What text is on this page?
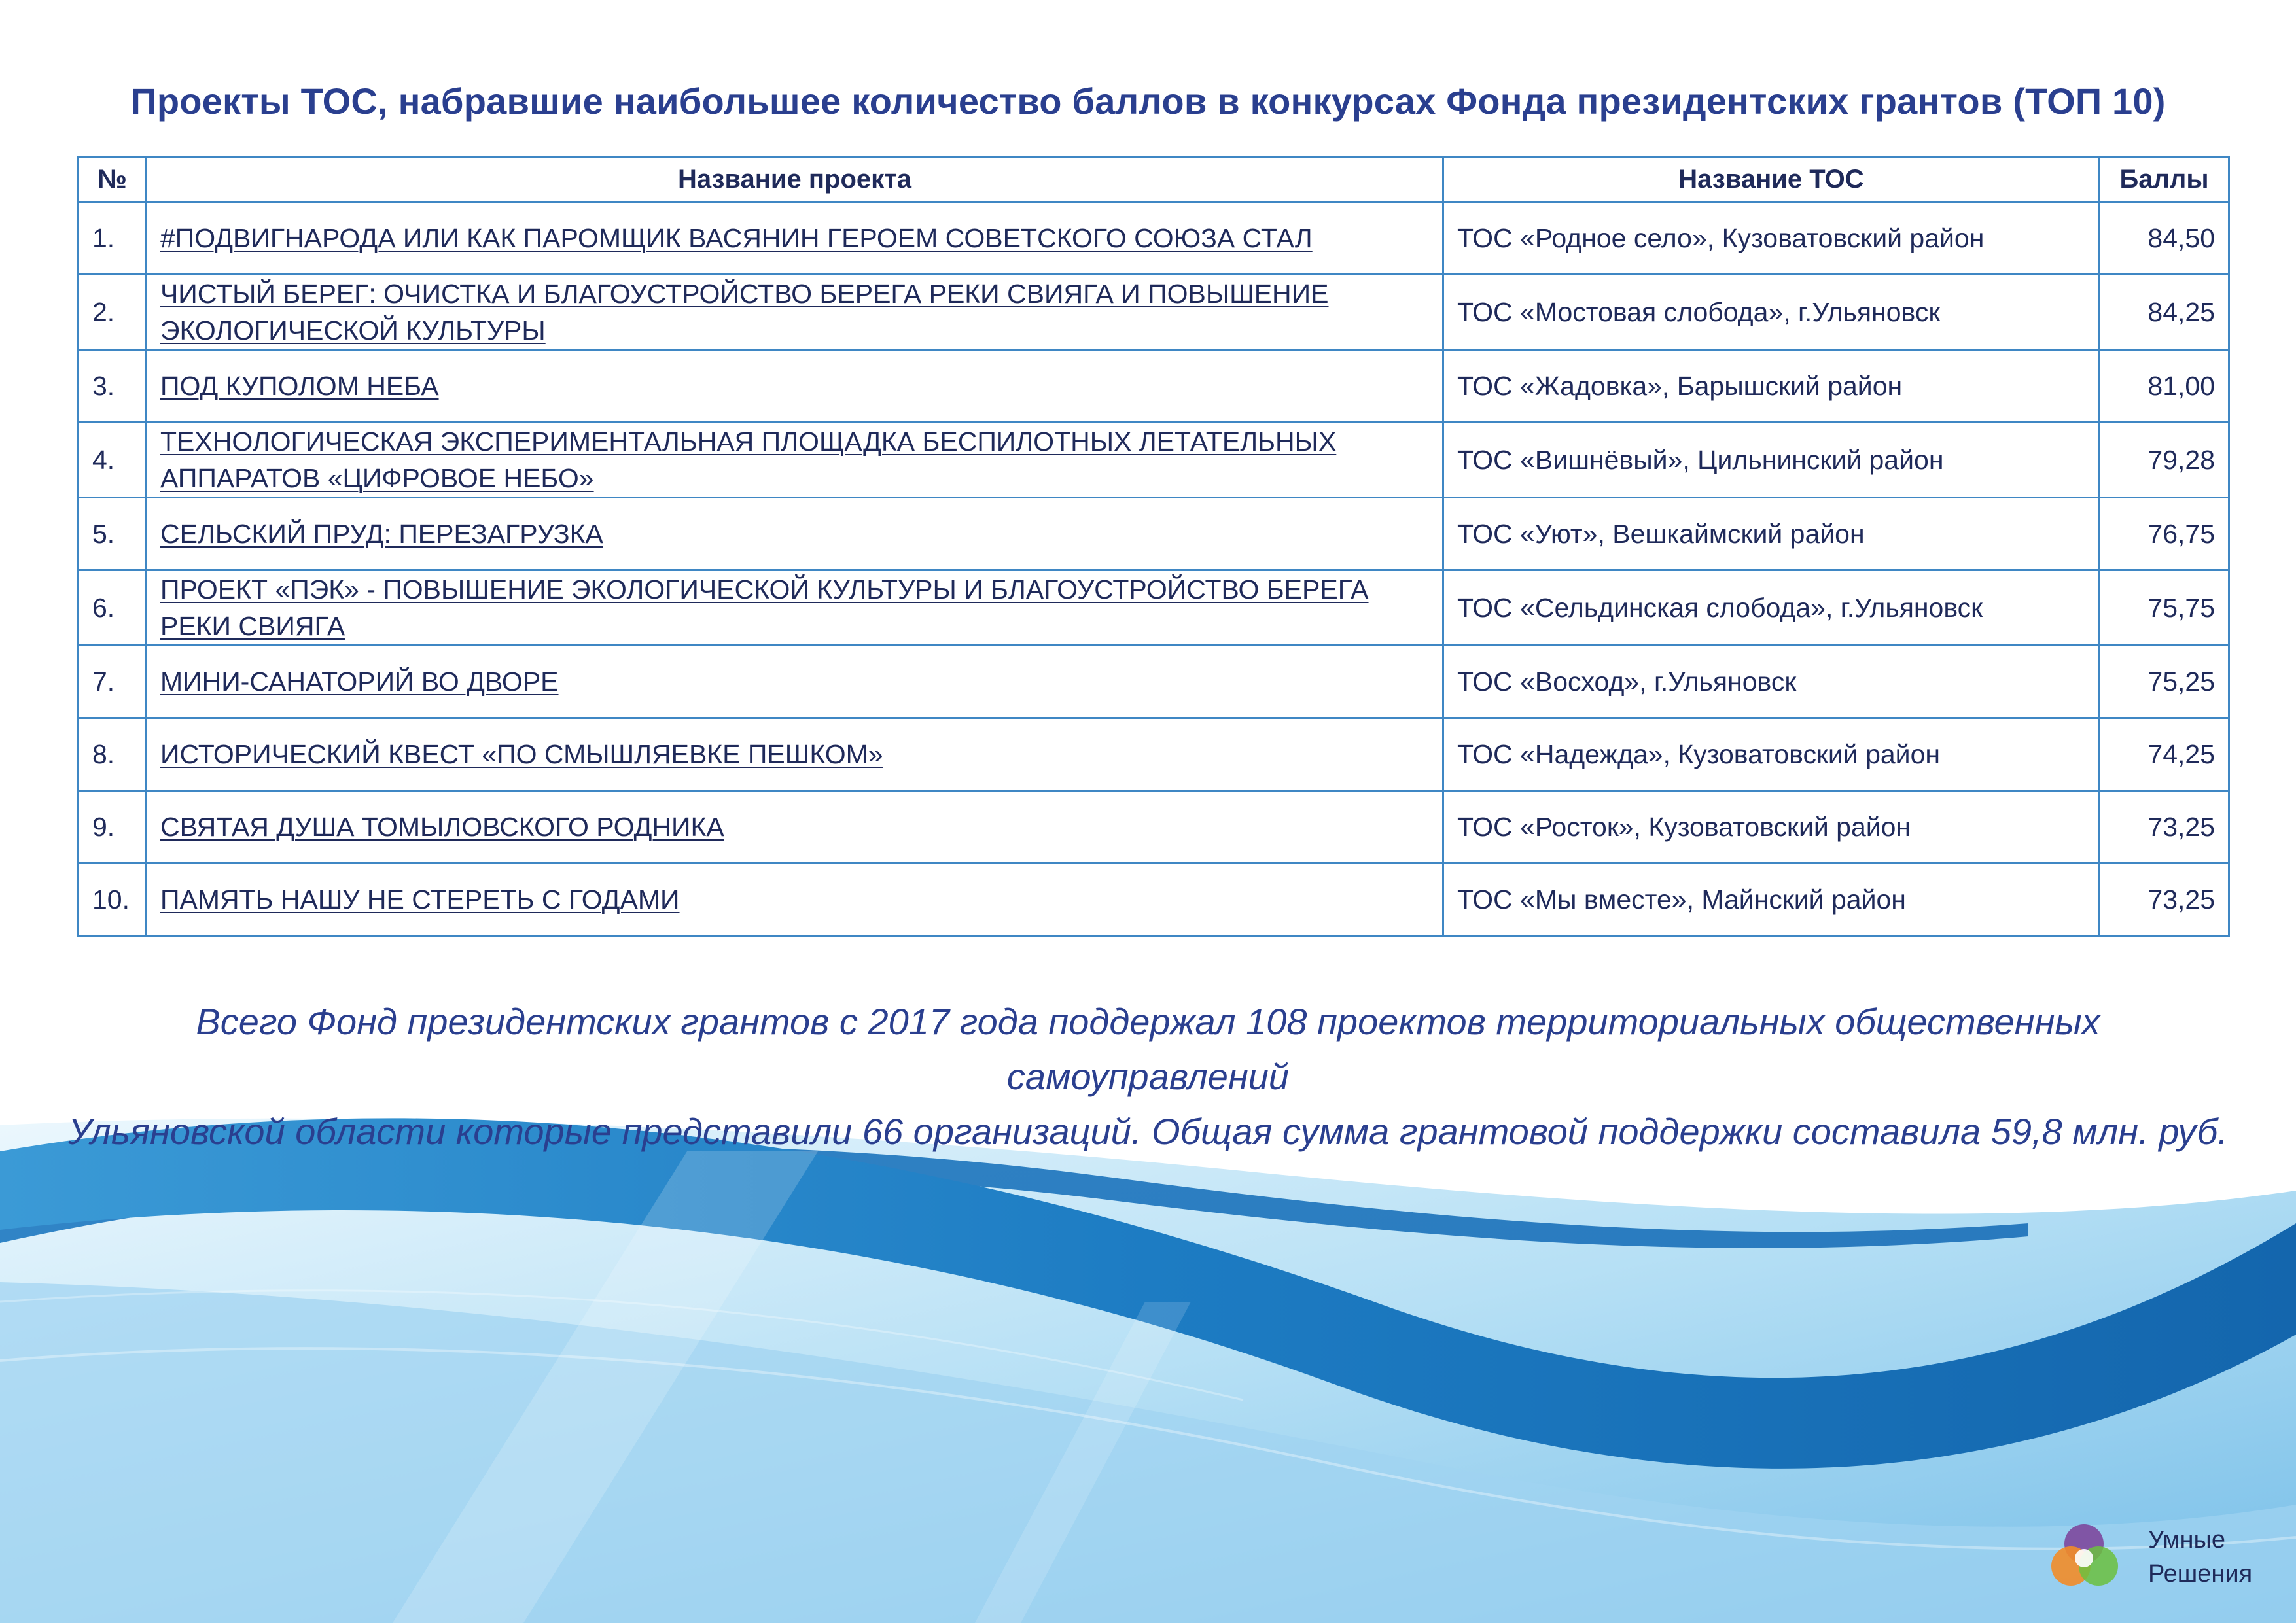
Проекты ТОС, набравшие наибольшее количество баллов в конкурсах Фонда президентских грантов (ТОП 10)
№	Название проекта	Название ТОС	Баллы
1.	#ПОДВИГНАРОДА ИЛИ КАК ПАРОМЩИК ВАСЯНИН ГЕРОЕМ СОВЕТСКОГО СОЮЗА СТАЛ	ТОС «Родное село», Кузоватовский район	84,50
2.	ЧИСТЫЙ БЕРЕГ: ОЧИСТКА И БЛАГОУСТРОЙСТВО БЕРЕГА РЕКИ СВИЯГА И ПОВЫШЕНИЕ ЭКОЛОГИЧЕСКОЙ КУЛЬТУРЫ	ТОС «Мостовая слобода», г.Ульяновск	84,25
3.	ПОД КУПОЛОМ НЕБА	ТОС «Жадовка», Барышский район	81,00
4.	ТЕХНОЛОГИЧЕСКАЯ ЭКСПЕРИМЕНТАЛЬНАЯ ПЛОЩАДКА БЕСПИЛОТНЫХ ЛЕТАТЕЛЬНЫХ АППАРАТОВ «ЦИФРОВОЕ НЕБО»	ТОС «Вишнёвый», Цильнинский район	79,28
5.	СЕЛЬСКИЙ ПРУД: ПЕРЕЗАГРУЗКА	ТОС «Уют», Вешкаймский район	76,75
6.	ПРОЕКТ «ПЭК» - ПОВЫШЕНИЕ ЭКОЛОГИЧЕСКОЙ КУЛЬТУРЫ И БЛАГОУСТРОЙСТВО БЕРЕГА РЕКИ СВИЯГА	ТОС «Сельдинская слобода», г.Ульяновск	75,75
7.	МИНИ-САНАТОРИЙ ВО ДВОРЕ	ТОС «Восход», г.Ульяновск	75,25
8.	ИСТОРИЧЕСКИЙ КВЕСТ «ПО СМЫШЛЯЕВКЕ ПЕШКОМ»	ТОС «Надежда», Кузоватовский район	74,25
9.	СВЯТАЯ ДУША ТОМЫЛОВСКОГО РОДНИКА	ТОС «Росток», Кузоватовский район	73,25
10.	ПАМЯТЬ НАШУ НЕ СТЕРЕТЬ С ГОДАМИ	ТОС «Мы вместе», Майнский район	73,25
Всего Фонд президентских грантов с 2017 года поддержал 108 проектов территориальных общественных самоуправлений
Ульяновской области которые представили 66 организаций. Общая сумма грантовой поддержки составила 59,8 млн. руб.
Умные
Решения
